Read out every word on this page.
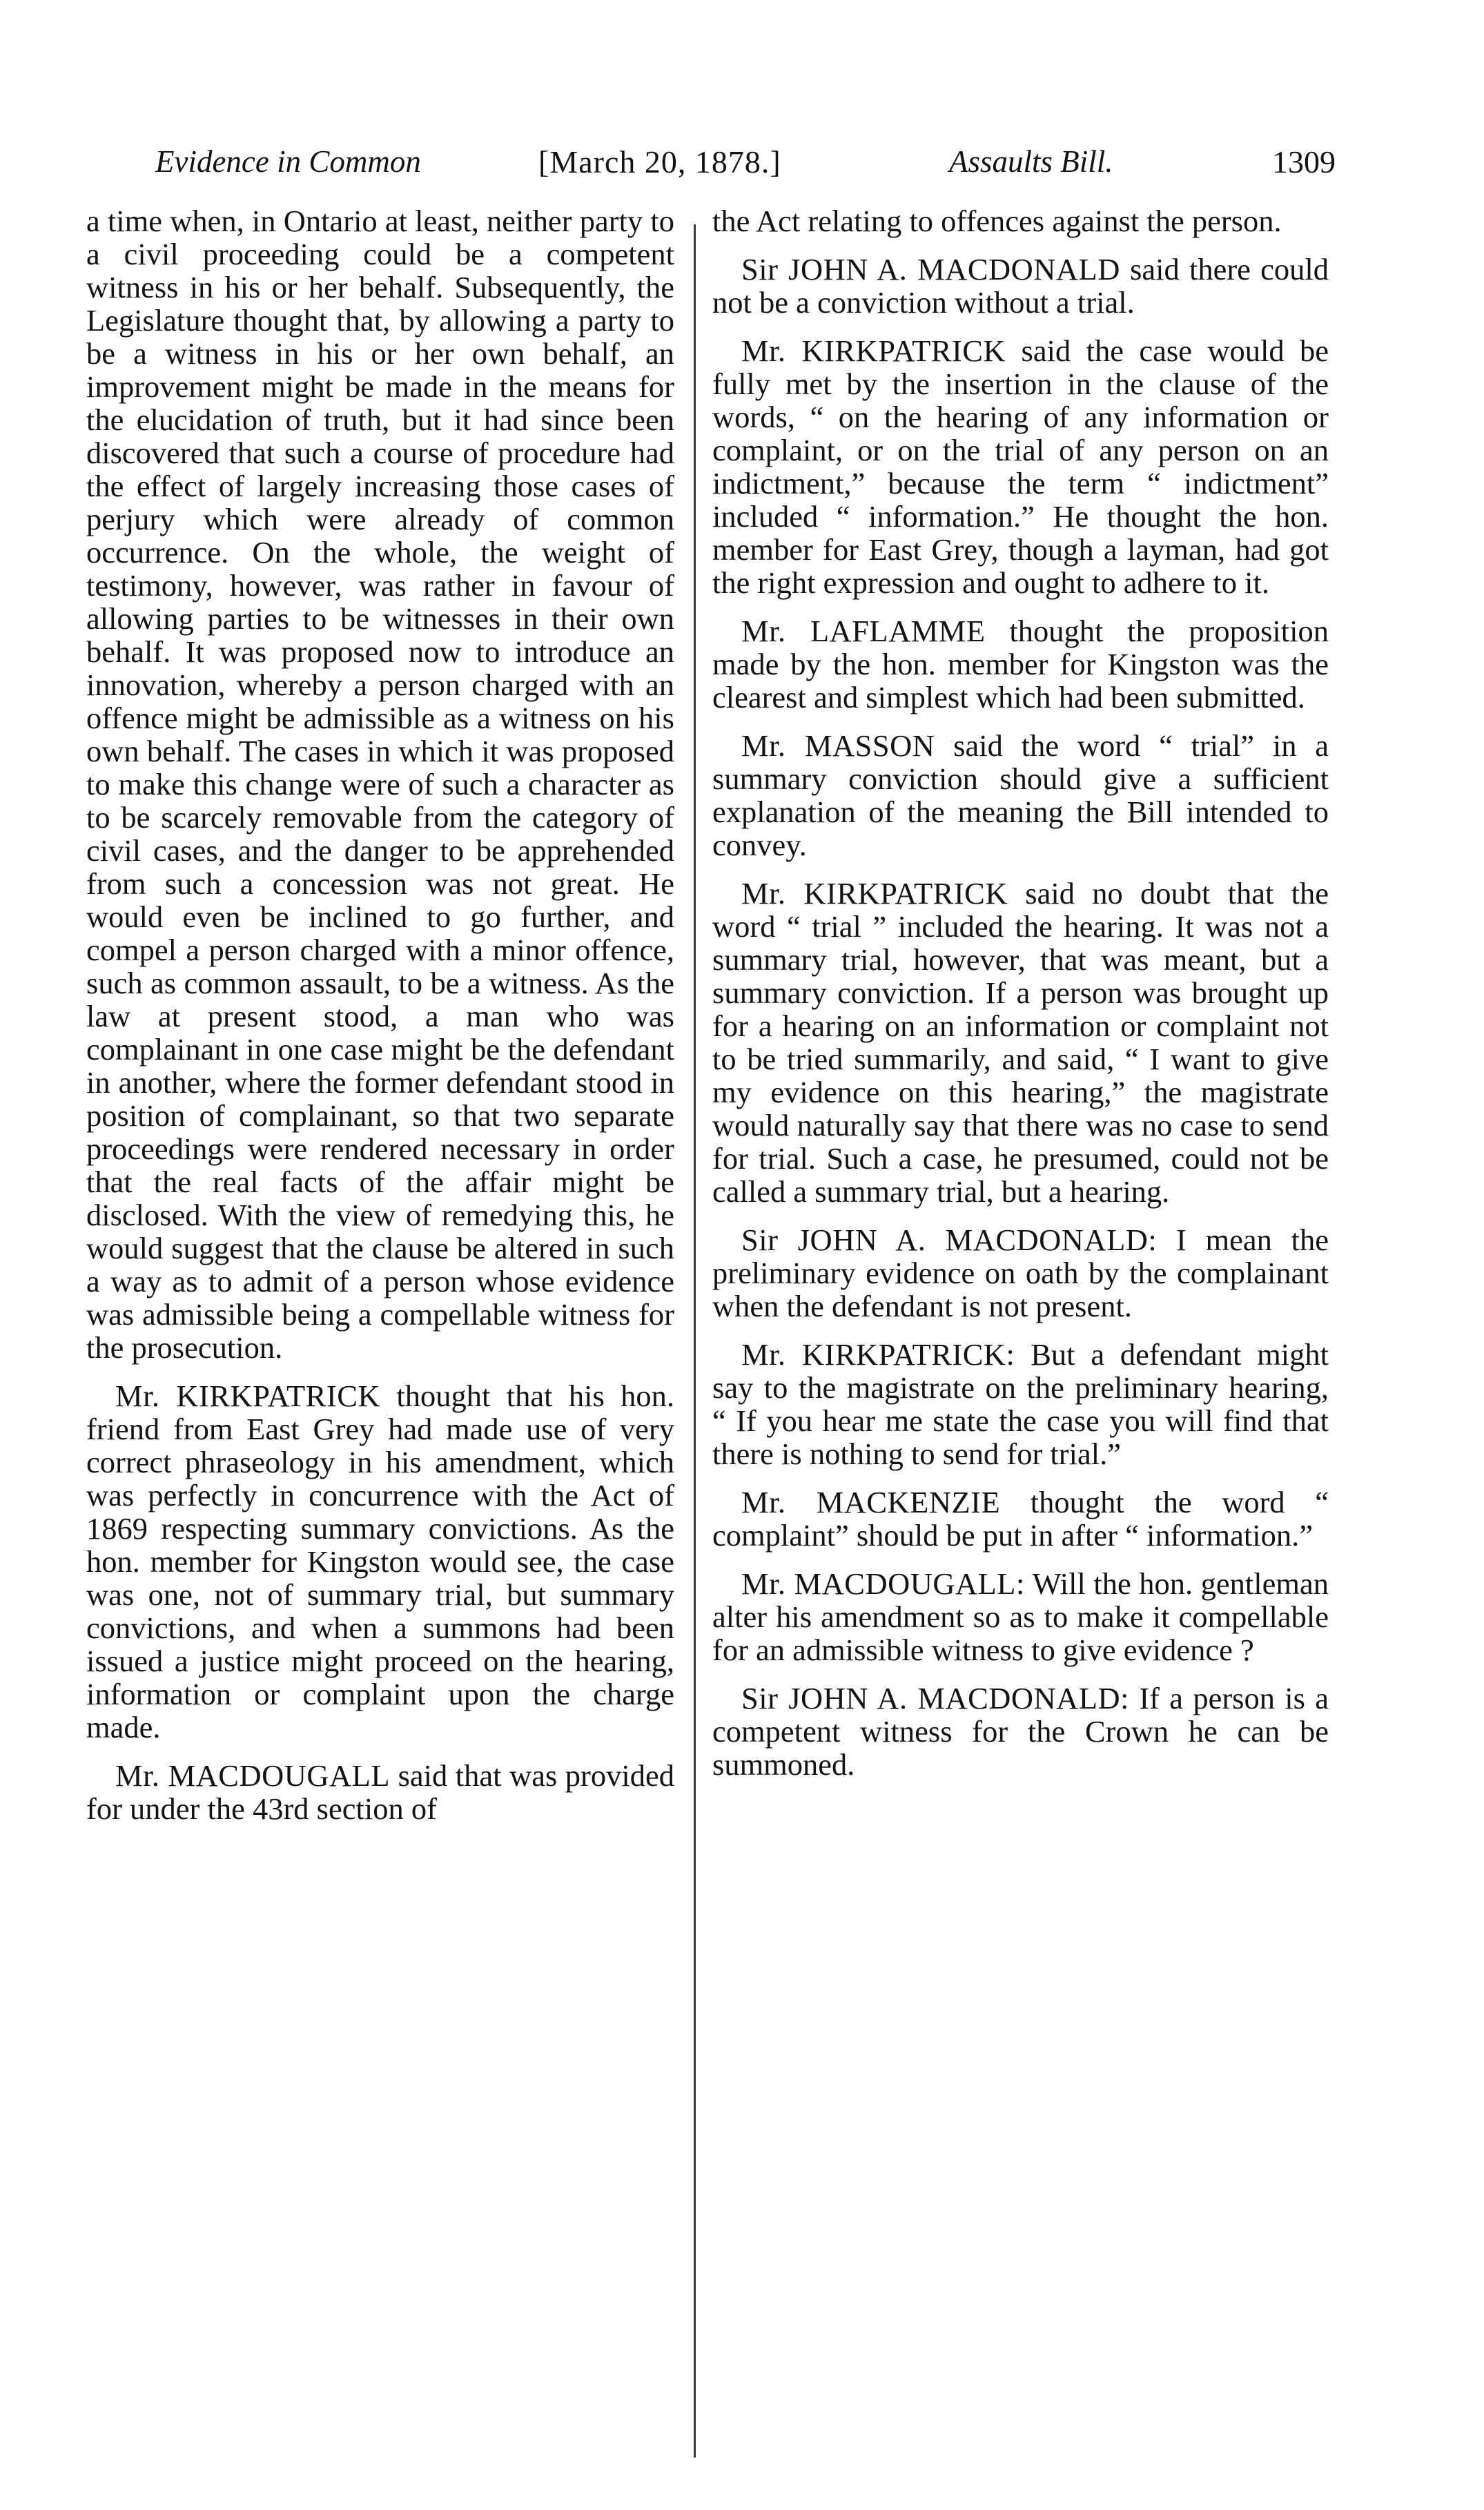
Evidence in Common	[March 20, 1878.]	Assaults Bill.	1309

a time when, in Ontario at least, neither party to a civil proceeding could be a competent witness in his or her behalf. Subsequently, the Legislature thought that, by allowing a party to be a witness in his or her own behalf, an improvement might be made in the means for the elucidation of truth, but it had since been discovered that such a course of procedure had the effect of largely increasing those cases of perjury which were already of common occurrence. On the whole, the weight of testimony, however, was rather in favour of allowing parties to be witnesses in their own behalf. It was proposed now to introduce an innovation, whereby a person charged with an offence might be admissible as a witness on his own behalf. The cases in which it was proposed to make this change were of such a character as to be scarcely removable from the category of civil cases, and the danger to be apprehended from such a concession was not great. He would even be inclined to go further, and compel a person charged with a minor offence, such as common assault, to be a witness. As the law at present stood, a man who was complainant in one case might be the defendant in another, where the former defendant stood in position of complainant, so that two separate proceedings were rendered necessary in order that the real facts of the affair might be disclosed. With the view of remedying this, he would suggest that the clause be altered in such a way as to admit of a person whose evidence was admissible being a compellable witness for the prosecution.

Mr. KIRKPATRICK thought that his hon. friend from East Grey had made use of very correct phraseology in his amendment, which was perfectly in concurrence with the Act of 1869 respecting summary convictions. As the hon. member for Kingston would see, the case was one, not of summary trial, but summary convictions, and when a summons had been issued a justice might proceed on the hearing, information or complaint upon the charge made.

Mr. MACDOUGALL said that was provided for under the 43rd section of

the Act relating to offences against the person.

Sir JOHN A. MACDONALD said there could not be a conviction without a trial.

Mr. KIRKPATRICK said the case would be fully met by the insertion in the clause of the words, “ on the hearing of any information or complaint, or on the trial of any person on an indictment,” because the term “ indictment” included “ information.” He thought the hon. member for East Grey, though a layman, had got the right expression and ought to adhere to it.

Mr. LAFLAMME thought the proposition made by the hon. member for Kingston was the clearest and simplest which had been submitted.

Mr. MASSON said the word “ trial” in a summary conviction should give a sufficient explanation of the meaning the Bill intended to convey.

Mr. KIRKPATRICK said no doubt that the word “ trial ” included the hearing. It was not a summary trial, however, that was meant, but a summary conviction. If a person was brought up for a hearing on an information or complaint not to be tried summarily, and said, “ I want to give my evidence on this hearing,” the magistrate would naturally say that there was no case to send for trial. Such a case, he presumed, could not be called a summary trial, but a hearing.

Sir JOHN A. MACDONALD: I mean the preliminary evidence on oath by the complainant when the defendant is not present.

Mr. KIRKPATRICK: But a defendant might say to the magistrate on the preliminary hearing, “ If you hear me state the case you will find that there is nothing to send for trial.”

Mr. MACKENZIE thought the word “ complaint” should be put in after “ information.”

Mr. MACDOUGALL: Will the hon. gentleman alter his amendment so as to make it compellable for an admissible witness to give evidence ?

Sir JOHN A. MACDONALD: If a person is a competent witness for the Crown he can be summoned.
